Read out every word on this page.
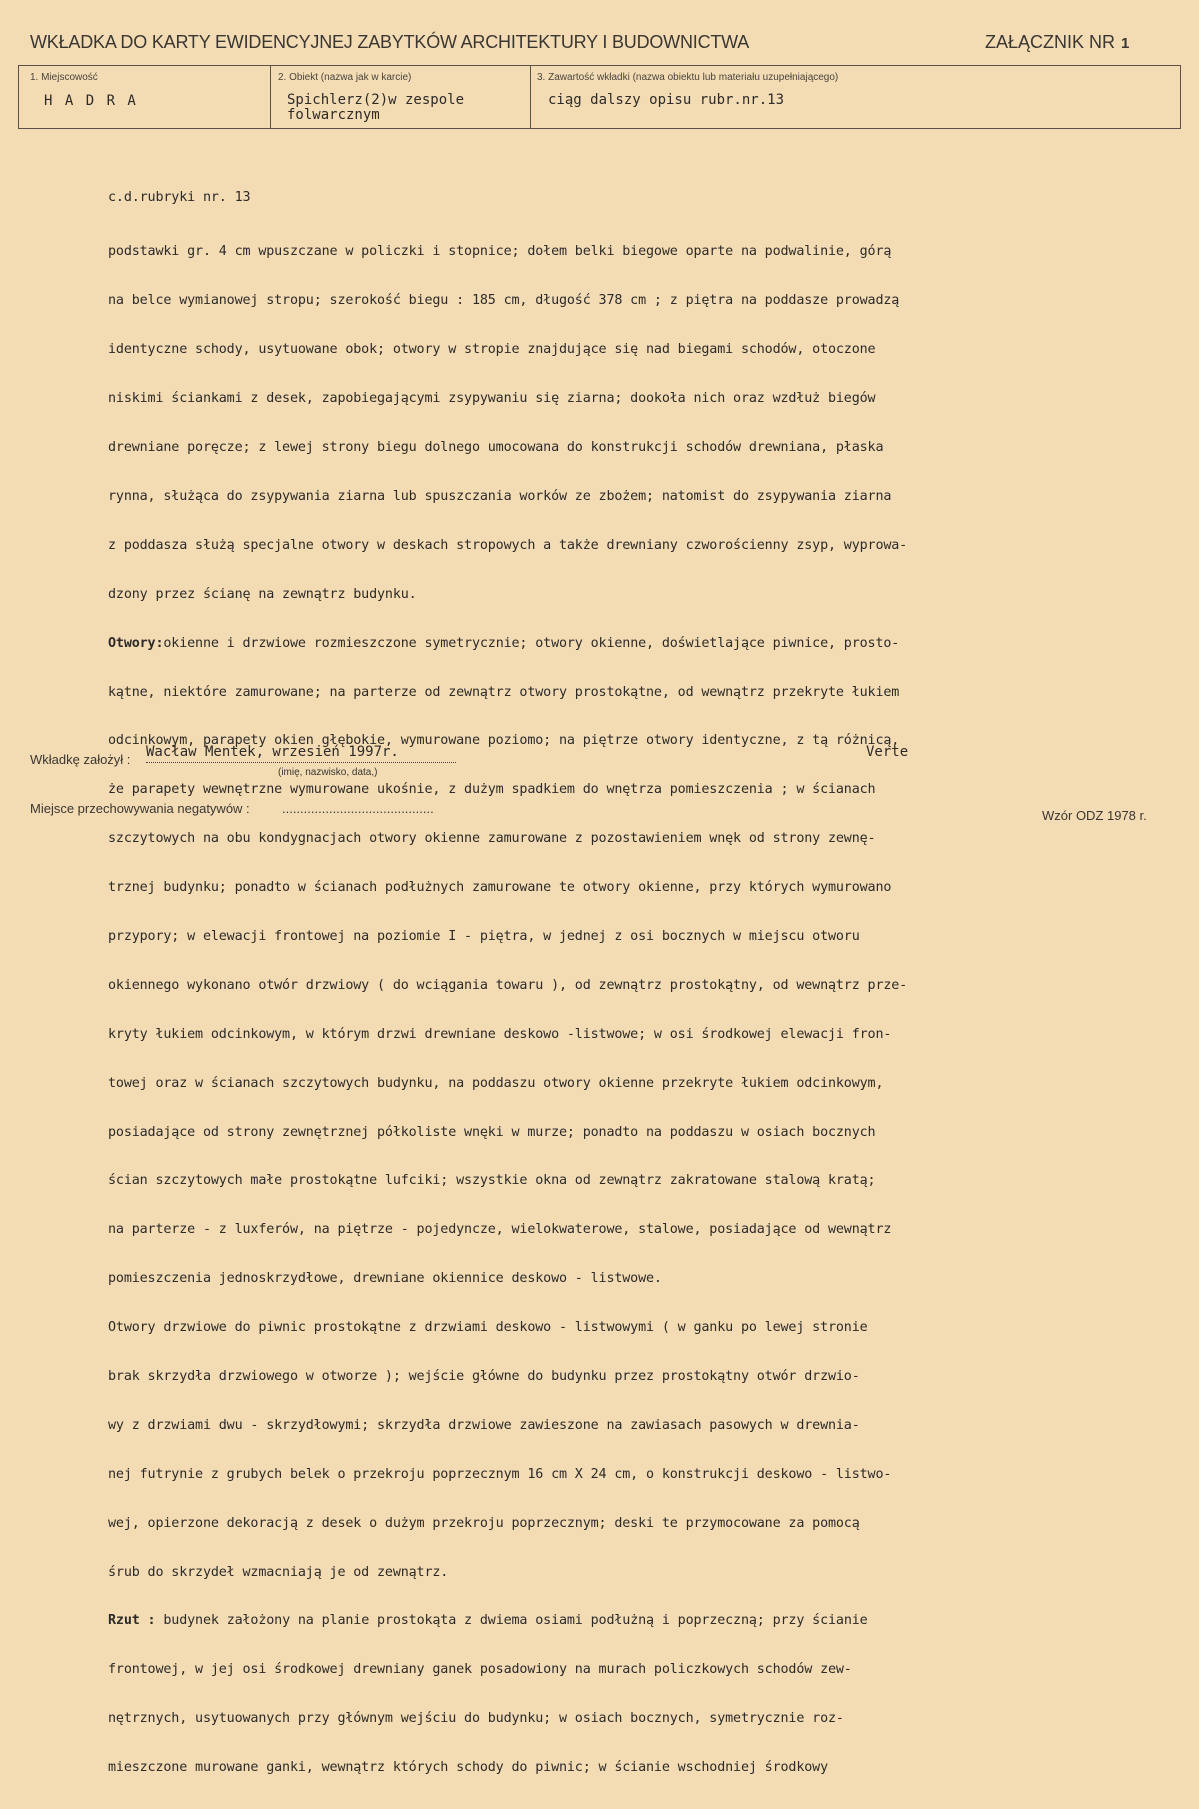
WKŁADKA DO KARTY EWIDENCYJNEJ ZABYTKÓW ARCHITEKTURY I BUDOWNICTWA	ZAŁĄCZNIK NR 1
1. Miejscowość
H A D R A
2. Obiekt (nazwa jak w karcie)
Spichlerz(2)w zespole
folwarcznym
3. Zawartość wkładki (nazwa obiektu lub materiału uzupełniającego)
ciąg dalszy opisu rubr.nr.13

c.d.rubryki nr. 13

podstawki gr. 4 cm wpuszczane w policzki i stopnice; dołem belki biegowe oparte na podwalinie, górą

na belce wymianowej stropu; szerokość biegu : 185 cm, długość 378 cm ; z piętra na poddasze prowadzą

identyczne schody, usytuowane obok; otwory w stropie znajdujące się nad biegami schodów, otoczone

niskimi ściankami z desek, zapobiegającymi zsypywaniu się ziarna; dookoła nich oraz wzdłuż biegów

drewniane poręcze; z lewej strony biegu dolnego umocowana do konstrukcji schodów drewniana, płaska

rynna, służąca do zsypywania ziarna lub spuszczania worków ze zbożem; natomist do zsypywania ziarna

z poddasza służą specjalne otwory w deskach stropowych a także drewniany czworościenny zsyp, wyprowa-

dzony przez ścianę na zewnątrz budynku.

Otwory:okienne i drzwiowe rozmieszczone symetrycznie; otwory okienne, doświetlające piwnice, prosto-

kątne, niektóre zamurowane; na parterze od zewnątrz otwory prostokątne, od wewnątrz przekryte łukiem

odcinkowym, parapety okien głębokie, wymurowane poziomo; na piętrze otwory identyczne, z tą różnicą,

że parapety wewnętrzne wymurowane ukośnie, z dużym spadkiem do wnętrza pomieszczenia ; w ścianach

szczytowych na obu kondygnacjach otwory okienne zamurowane z pozostawieniem wnęk od strony zewnę-

trznej budynku; ponadto w ścianach podłużnych zamurowane te otwory okienne, przy których wymurowano

przypory; w elewacji frontowej na poziomie I - piętra, w jednej z osi bocznych w miejscu otworu

okiennego wykonano otwór drzwiowy ( do wciągania towaru ), od zewnątrz prostokątny, od wewnątrz prze-

kryty łukiem odcinkowym, w którym drzwi drewniane deskowo -listwowe; w osi środkowej elewacji fron-

towej oraz w ścianach szczytowych budynku, na poddaszu otwory okienne przekryte łukiem odcinkowym,

posiadające od strony zewnętrznej półkoliste wnęki w murze; ponadto na poddaszu w osiach bocznych

ścian szczytowych małe prostokątne lufciki; wszystkie okna od zewnątrz zakratowane stalową kratą;

na parterze - z luxferów, na piętrze - pojedyncze, wielokwaterowe, stalowe, posiadające od wewnątrz

pomieszczenia jednoskrzydłowe, drewniane okiennice deskowo - listwowe.

Otwory drzwiowe do piwnic prostokątne z drzwiami deskowo - listwowymi ( w ganku po lewej stronie

brak skrzydła drzwiowego w otworze ); wejście główne do budynku przez prostokątny otwór drzwio-

wy z drzwiami dwu - skrzydłowymi; skrzydła drzwiowe zawieszone na zawiasach pasowych w drewnia-

nej futrynie z grubych belek o przekroju poprzecznym 16 cm X 24 cm, o konstrukcji deskowo - listwo-

wej, opierzone dekoracją z desek o dużym przekroju poprzecznym; deski te przymocowane za pomocą

śrub do skrzydeł wzmacniają je od zewnątrz.

Rzut : budynek założony na planie prostokąta z dwiema osiami podłużną i poprzeczną; przy ścianie

frontowej, w jej osi środkowej drewniany ganek posadowiony na murach policzkowych schodów zew-

nętrznych, usytuowanych przy głównym wejściu do budynku; w osiach bocznych, symetrycznie roz-

mieszczone murowane ganki, wewnątrz których schody do piwnic; w ścianie wschodniej środkowy

Wkładkę założył : Wacław Mentek, wrzesień 1997r.
(imię, nazwisko, data,)
Verte
Miejsce przechowywania negatywów : ..........................................	Wzór ODZ 1978 r.
